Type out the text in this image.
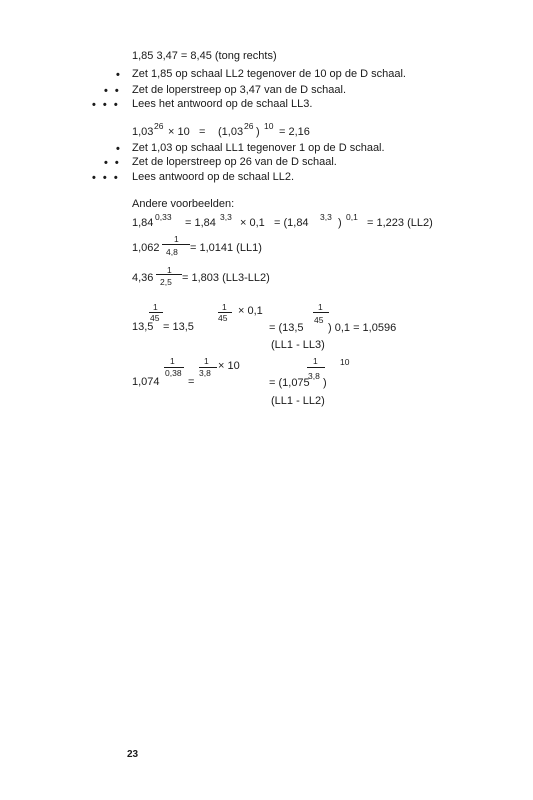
1,85 3,47 = 8,45 (tong rechts)
• Zet 1,85 op schaal LL2 tegenover de 10 op de D schaal.
• • Zet de loperstreep op 3,47 van de D schaal.
• • • Lees het antwoord op de schaal LL3.
1,03 26 × 10 = (1,03 26 ) 10 = 2,16
• Zet 1,03 op schaal LL1 tegenover 1 op de D schaal.
• • Zet de loperstreep op 26 van de D schaal.
• • • Lees antwoord op de schaal LL2.
Andere voorbeelden:
1,84 0,33 = 1,84 3,3 × 0,1 = (1,84 3,3 ) 0,1 = 1,223 (LL2)
1,062
1
4,8 = 1,0141 (LL1)
4,36
1
2,5 = 1,803 (LL3-LL2)
1
45
13,5 = 13,5
1
45
× 0,1	1
= (13,5
45
) 0,1 = 1,0596
(LL1 - LL3)
1
0,38
1,074	=
1
3,8
× 10	1	10
= (1,075
3,8
)
(LL1 - LL2)
23
